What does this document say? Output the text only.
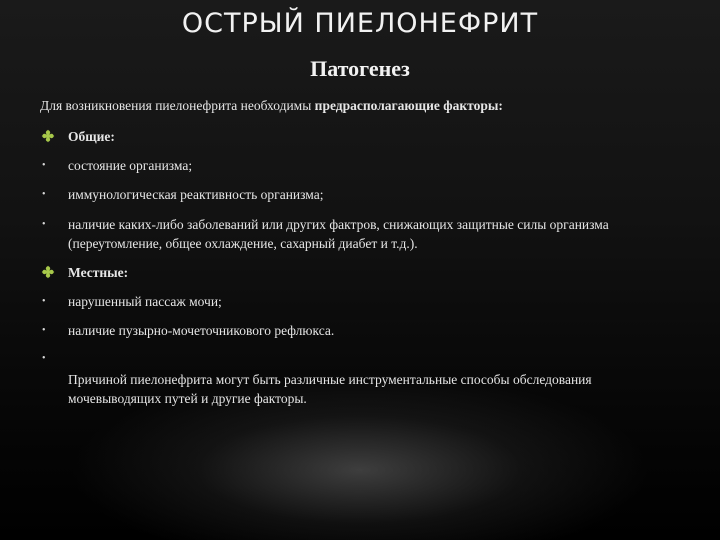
ОСТРЫЙ ПИЕЛОНЕФРИТ
Патогенез
Для возникновения пиелонефрита необходимы предрасполагающие факторы:
Общие:
•	состояние организма;
•	иммунологическая реактивность организма;
•	наличие каких-либо заболеваний или других фактров, снижающих защитные силы организма (переутомление, общее охлаждение, сахарный диабет и т.д.).
Местные:
•	нарушенный пассаж мочи;
•	наличие пузырно-мочеточникового рефлюкса.
•
Причиной пиелонефрита могут быть различные инструментальные способы обследования мочевыводящих путей и другие факторы.
